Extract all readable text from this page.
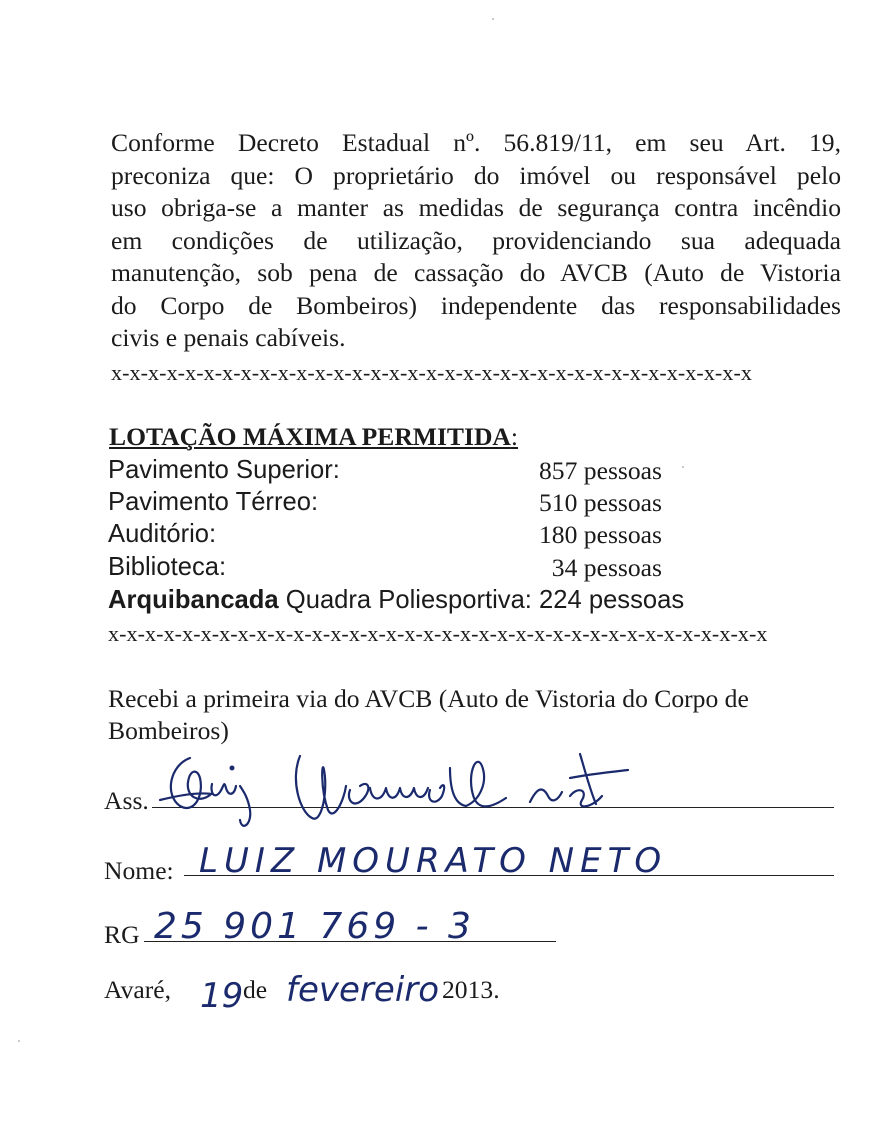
Conforme Decreto Estadual nº. 56.819/11, em seu Art. 19,
preconiza que: O proprietário do imóvel ou responsável pelo
uso obriga-se a manter as medidas de segurança contra incêndio
em condições de utilização, providenciando sua adequada
manutenção, sob pena de cassação do AVCB (Auto de Vistoria
do Corpo de Bombeiros) independente das responsabilidades
civis e penais cabíveis.
x-x-x-x-x-x-x-x-x-x-x-x-x-x-x-x-x-x-x-x-x-x-x-x-x-x-x-x-x-x-x-x-x-x-x
LOTAÇÃO MÁXIMA PERMITIDA:
Pavimento Superior:	857 pessoas
Pavimento Térreo:	510 pessoas
Auditório:	180 pessoas
Biblioteca:	34 pessoas
Arquibancada Quadra Poliesportiva: 224 pessoas
x-x-x-x-x-x-x-x-x-x-x-x-x-x-x-x-x-x-x-x-x-x-x-x-x-x-x-x-x-x-x-x-x-x-x-x
Recebi a primeira via do AVCB (Auto de Vistoria do Corpo de
Bombeiros)
Ass.
Nome: LUIZ MOURATO NETO
RG 25 901 769 - 3
Avaré, 19 de fevereiro 2013.
